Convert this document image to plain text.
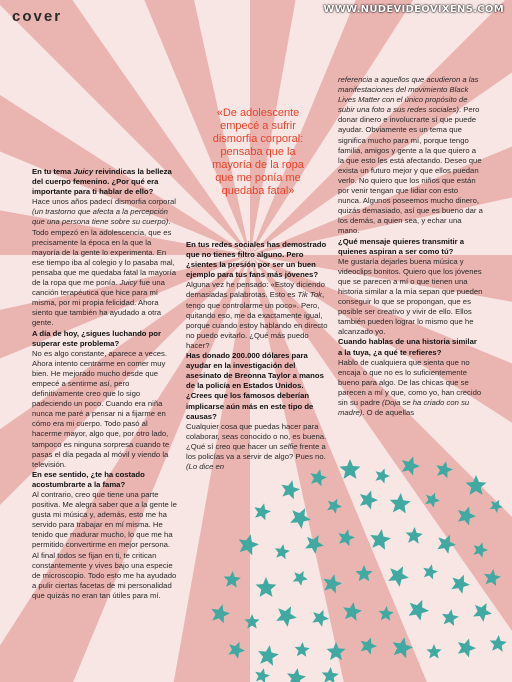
cover	WWW.NUDEVIDEOVIXENS.COM
«De adolescente
empecé a sufrir
dismorfia corporal:
pensaba que la
mayoría de la ropa
que me ponía me
quedaba fatal»

En tu tema Juicy reivindicas la belleza del cuerpo femenino. ¿Por qué era importante para ti hablar de ello?

Hace unos años padecí dismorfia corporal (un trastorno que afecta a la percepción que una persona tiene sobre su cuerpo). Todo empezó en la adolescencia, que es precisamente la época en la que la mayoría de la gente lo experimenta. En ese tiempo iba al colegio y lo pasaba mal, pensaba que me quedaba fatal la mayoría de la ropa que me ponía. Juicy fue una canción terapéutica que hice para mí misma, por mi propia felicidad. Ahora siento que también ha ayudado a otra gente.

A día de hoy, ¿sigues luchando por superar este problema?

No es algo constante, aparece a veces. Ahora intento centrarme en comer muy bien. He mejorado mucho desde que empecé a sentirme así, pero definitivamente creo que lo sigo padeciendo un poco. Cuando era niña nunca me paré a pensar ni a fijarme en cómo era mi cuerpo. Todo pasó al hacerme mayor, algo que, por otro lado, tampoco es ninguna sorpresa cuando te pasas el día pegada al móvil y viendo la televisión.

En ese sentido, ¿te ha costado acostumbrarte a la fama?

Al contrario, creo que tiene una parte positiva. Me alegra saber que a la gente le gusta mi música y, además, esto me ha servido para trabajar en mí misma. He tenido que madurar mucho, lo que me ha permitido convertirme en mejor persona. Al final todos se fijan en ti, te critican constantemente y vives bajo una especie de microscopio. Todo esto me ha ayudado a pulir ciertas facetas de mi personalidad que quizás no eran tan útiles para mí.

En tus redes sociales has demostrado que no tienes filtro alguno. Pero ¿sientes la presión por ser un buen ejemplo para tus fans más jóvenes?

Alguna vez he pensado: «Estoy diciendo demasiadas palabrotas. Esto es Tik Tok, tengo que controlarme un poco». Pero, quitando eso, me da exactamente igual, porque cuando estoy hablando en directo no puedo evitarlo. ¿Qué más puedo hacer?

Has donado 200.000 dólares para ayudar en la investigación del asesinato de Breonna Taylor a manos de la policía en Estados Unidos. ¿Crees que los famosos deberían implicarse aún más en este tipo de causas?

Cualquier cosa que puedas hacer para colaborar, seas conocido o no, es buena. ¿Qué sí creo que hacer un selfie frente a los policías va a servir de algo? Pues no. (Lo dice en

referencia a aquellos que acudieron a las manifestaciones del movimiento Black Lives Matter con el único propósito de subir una foto a sus redes sociales). Pero donar dinero e involucrarte sí que puede ayudar. Obviamente es un tema que significa mucho para mí, porque tengo familia, amigos y gente a la que quiero a la que esto les está afectando. Deseo que exista un futuro mejor y que ellos puedan verlo. No quiero que los niños que están por venir tengan que lidiar con esto nunca. Algunos poseemos mucho dinero, quizás demasiado, así que es bueno dar a los demás, a quien sea, y echar una mano.

¿Qué mensaje quieres transmitir a quienes aspiran a ser como tú?

Me gustaría dejarles buena música y videoclips bonitos. Quiero que los jóvenes que se parecen a mí o que tienen una historia similar a la mía sepan que pueden conseguir lo que se propongan, que es posible ser creativo y vivir de ello. Ellos también pueden lograr lo mismo que he alcanzado yo.

Cuando hablas de una historia similar a la tuya, ¿a qué te refieres?

Hablo de cualquiera que sienta que no encaja o que no es lo suficientemente bueno para algo. De las chicas que se parecen a mí y que, como yo, han crecido sin su padre (Doja se ha criado con su madre). O de aquellas
